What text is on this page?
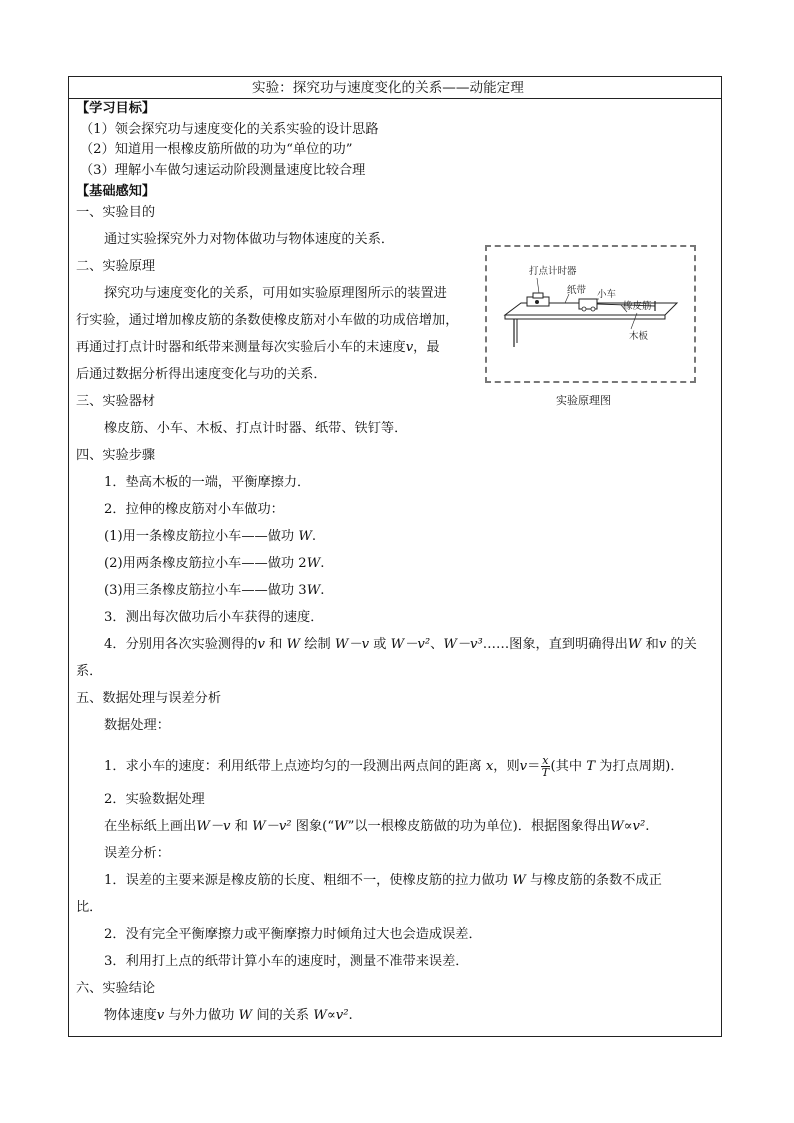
实验：探究功与速度变化的关系——动能定理
【学习目标】
（1）领会探究功与速度变化的关系实验的设计思路
（2）知道用一根橡皮筋所做的功为“单位的功”
（3）理解小车做匀速运动阶段测量速度比较合理
【基础感知】
一、实验目的
通过实验探究外力对物体做功与物体速度的关系．
二、实验原理
探究功与速度变化的关系，可用如实验原理图所示的装置进
行实验，通过增加橡皮筋的条数使橡皮筋对小车做的功成倍增加，
再通过打点计时器和纸带来测量每次实验后小车的末速度v，最
后通过数据分析得出速度变化与功的关系．
打点计时器
纸带 小车
橡皮筋
木板
实验原理图
三、实验器材
橡皮筋、小车、木板、打点计时器、纸带、铁钉等．
四、实验步骤
1．垫高木板的一端，平衡摩擦力．
2．拉伸的橡皮筋对小车做功：
(1)用一条橡皮筋拉小车——做功 W.
(2)用两条橡皮筋拉小车——做功 2W.
(3)用三条橡皮筋拉小车——做功 3W.
3．测出每次做功后小车获得的速度．
4．分别用各次实验测得的v 和 W 绘制 W－v 或 W－v²、W－v³……图象，直到明确得出W 和v 的关
系．
五、数据处理与误差分析
数据处理：
1．求小车的速度：利用纸带上点迹均匀的一段测出两点间的距离 x，则$v= \frac{x}{T}$ (其中 T 为打点周期)．
2．实验数据处理
在坐标纸上画出W－v 和 W－v² 图象(“W”以一根橡皮筋做的功为单位)．根据图象得出W∝v².
误差分析：
1．误差的主要来源是橡皮筋的长度、粗细不一，使橡皮筋的拉力做功 W 与橡皮筋的条数不成正
比．
2．没有完全平衡摩擦力或平衡摩擦力时倾角过大也会造成误差．
3．利用打上点的纸带计算小车的速度时，测量不准带来误差．
六、实验结论
物体速度v 与外力做功 W 间的关系 W∝v².
